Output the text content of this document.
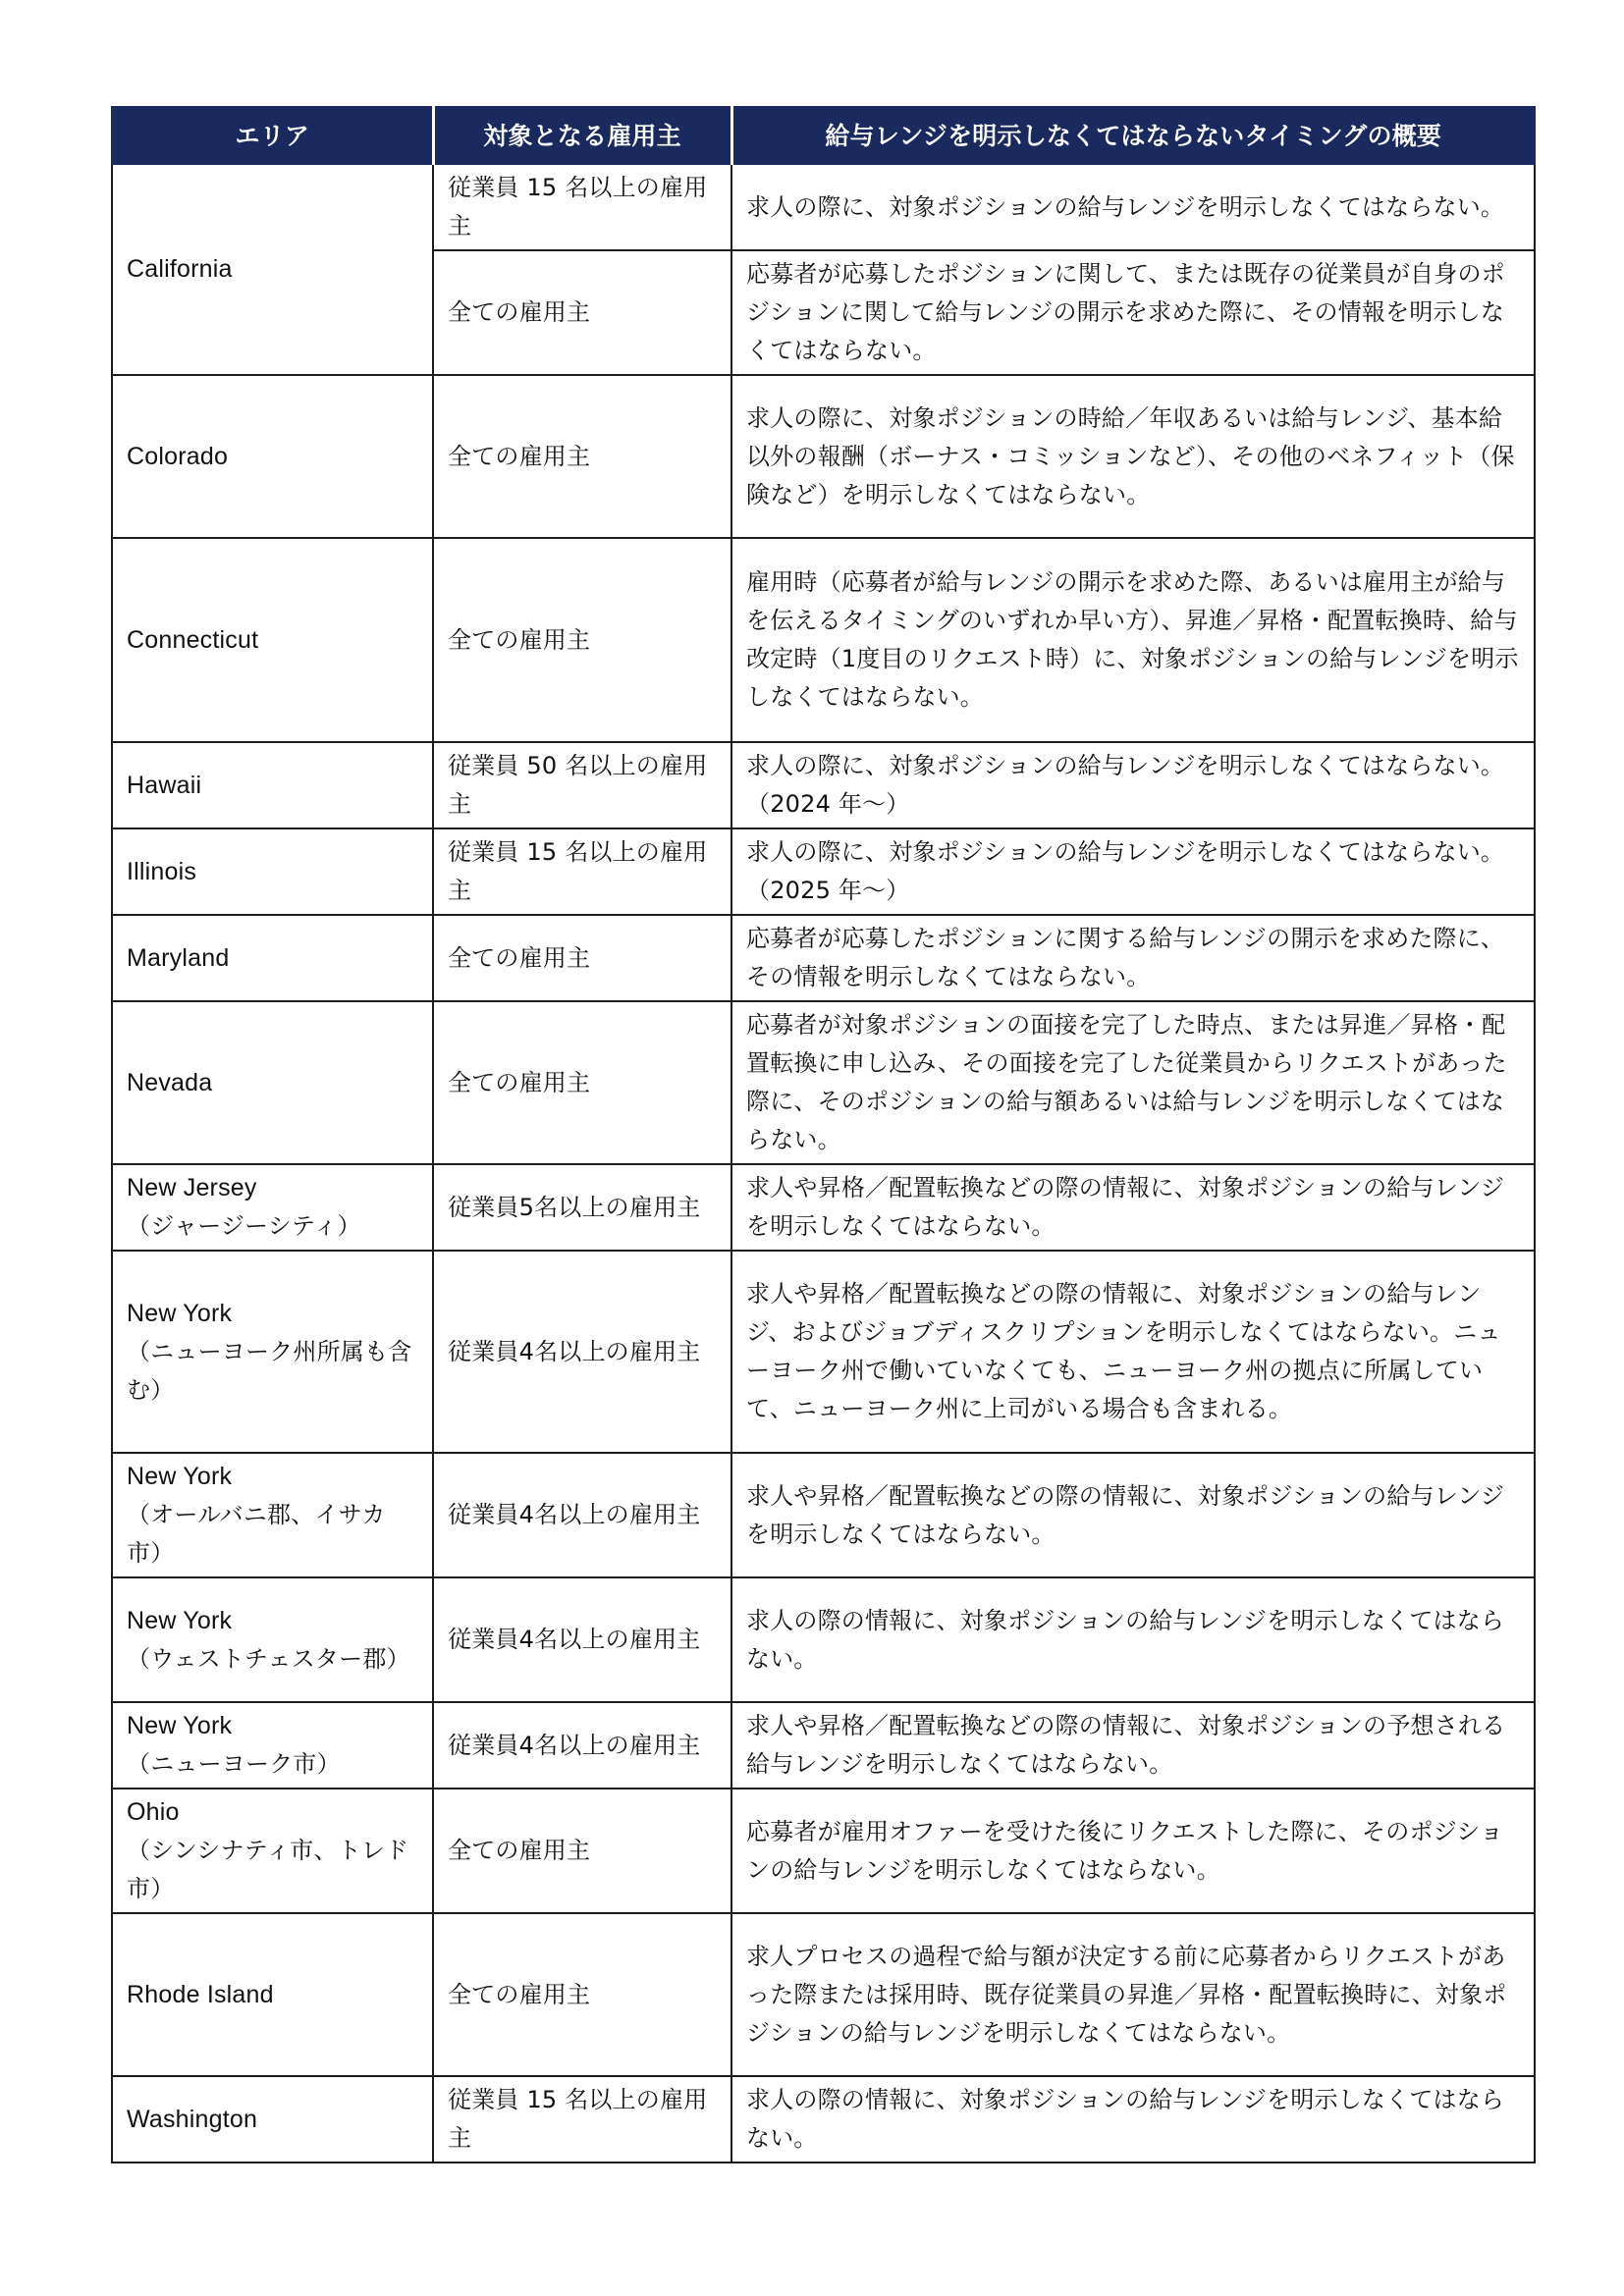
エリア	対象となる雇用主	給与レンジを明示しなくてはならないタイミングの概要

California	従業員 15 名以上の雇用主	求人の際に、対象ポジションの給与レンジを明示しなくてはならない。
	全ての雇用主	応募者が応募したポジションに関して、または既存の従業員が自身のポジションに関して給与レンジの開示を求めた際に、その情報を明示しなくてはならない。

Colorado	全ての雇用主	求人の際に、対象ポジションの時給／年収あるいは給与レンジ、基本給以外の報酬（ボーナス・コミッションなど）、その他のベネフィット（保険など）を明示しなくてはならない。

Connecticut	全ての雇用主	雇用時（応募者が給与レンジの開示を求めた際、あるいは雇用主が給与を伝えるタイミングのいずれか早い方）、昇進／昇格・配置転換時、給与改定時（1度目のリクエスト時）に、対象ポジションの給与レンジを明示しなくてはならない。

Hawaii	従業員 50 名以上の雇用主	求人の際に、対象ポジションの給与レンジを明示しなくてはならない。（2024 年～）

Illinois	従業員 15 名以上の雇用主	求人の際に、対象ポジションの給与レンジを明示しなくてはならない。（2025 年～）

Maryland	全ての雇用主	応募者が応募したポジションに関する給与レンジの開示を求めた際に、その情報を明示しなくてはならない。

Nevada	全ての雇用主	応募者が対象ポジションの面接を完了した時点、または昇進／昇格・配置転換に申し込み、その面接を完了した従業員からリクエストがあった際に、そのポジションの給与額あるいは給与レンジを明示しなくてはならない。

New Jersey
（ジャージーシティ）	従業員5名以上の雇用主	求人や昇格／配置転換などの際の情報に、対象ポジションの給与レンジを明示しなくてはならない。

New York
（ニューヨーク州所属も含む）	従業員4名以上の雇用主	求人や昇格／配置転換などの際の情報に、対象ポジションの給与レンジ、およびジョブディスクリプションを明示しなくてはならない。ニューヨーク州で働いていなくても、ニューヨーク州の拠点に所属していて、ニューヨーク州に上司がいる場合も含まれる。

New York
（オールバニ郡、イサカ市）	従業員4名以上の雇用主	求人や昇格／配置転換などの際の情報に、対象ポジションの給与レンジを明示しなくてはならない。

New York
（ウェストチェスター郡）	従業員4名以上の雇用主	求人の際の情報に、対象ポジションの給与レンジを明示しなくてはならない。

New York
（ニューヨーク市）	従業員4名以上の雇用主	求人や昇格／配置転換などの際の情報に、対象ポジションの予想される給与レンジを明示しなくてはならない。

Ohio
（シンシナティ市、トレド市）	全ての雇用主	応募者が雇用オファーを受けた後にリクエストした際に、そのポジションの給与レンジを明示しなくてはならない。

Rhode Island	全ての雇用主	求人プロセスの過程で給与額が決定する前に応募者からリクエストがあった際または採用時、既存従業員の昇進／昇格・配置転換時に、対象ポジションの給与レンジを明示しなくてはならない。

Washington	従業員 15 名以上の雇用主	求人の際の情報に、対象ポジションの給与レンジを明示しなくてはならない。
